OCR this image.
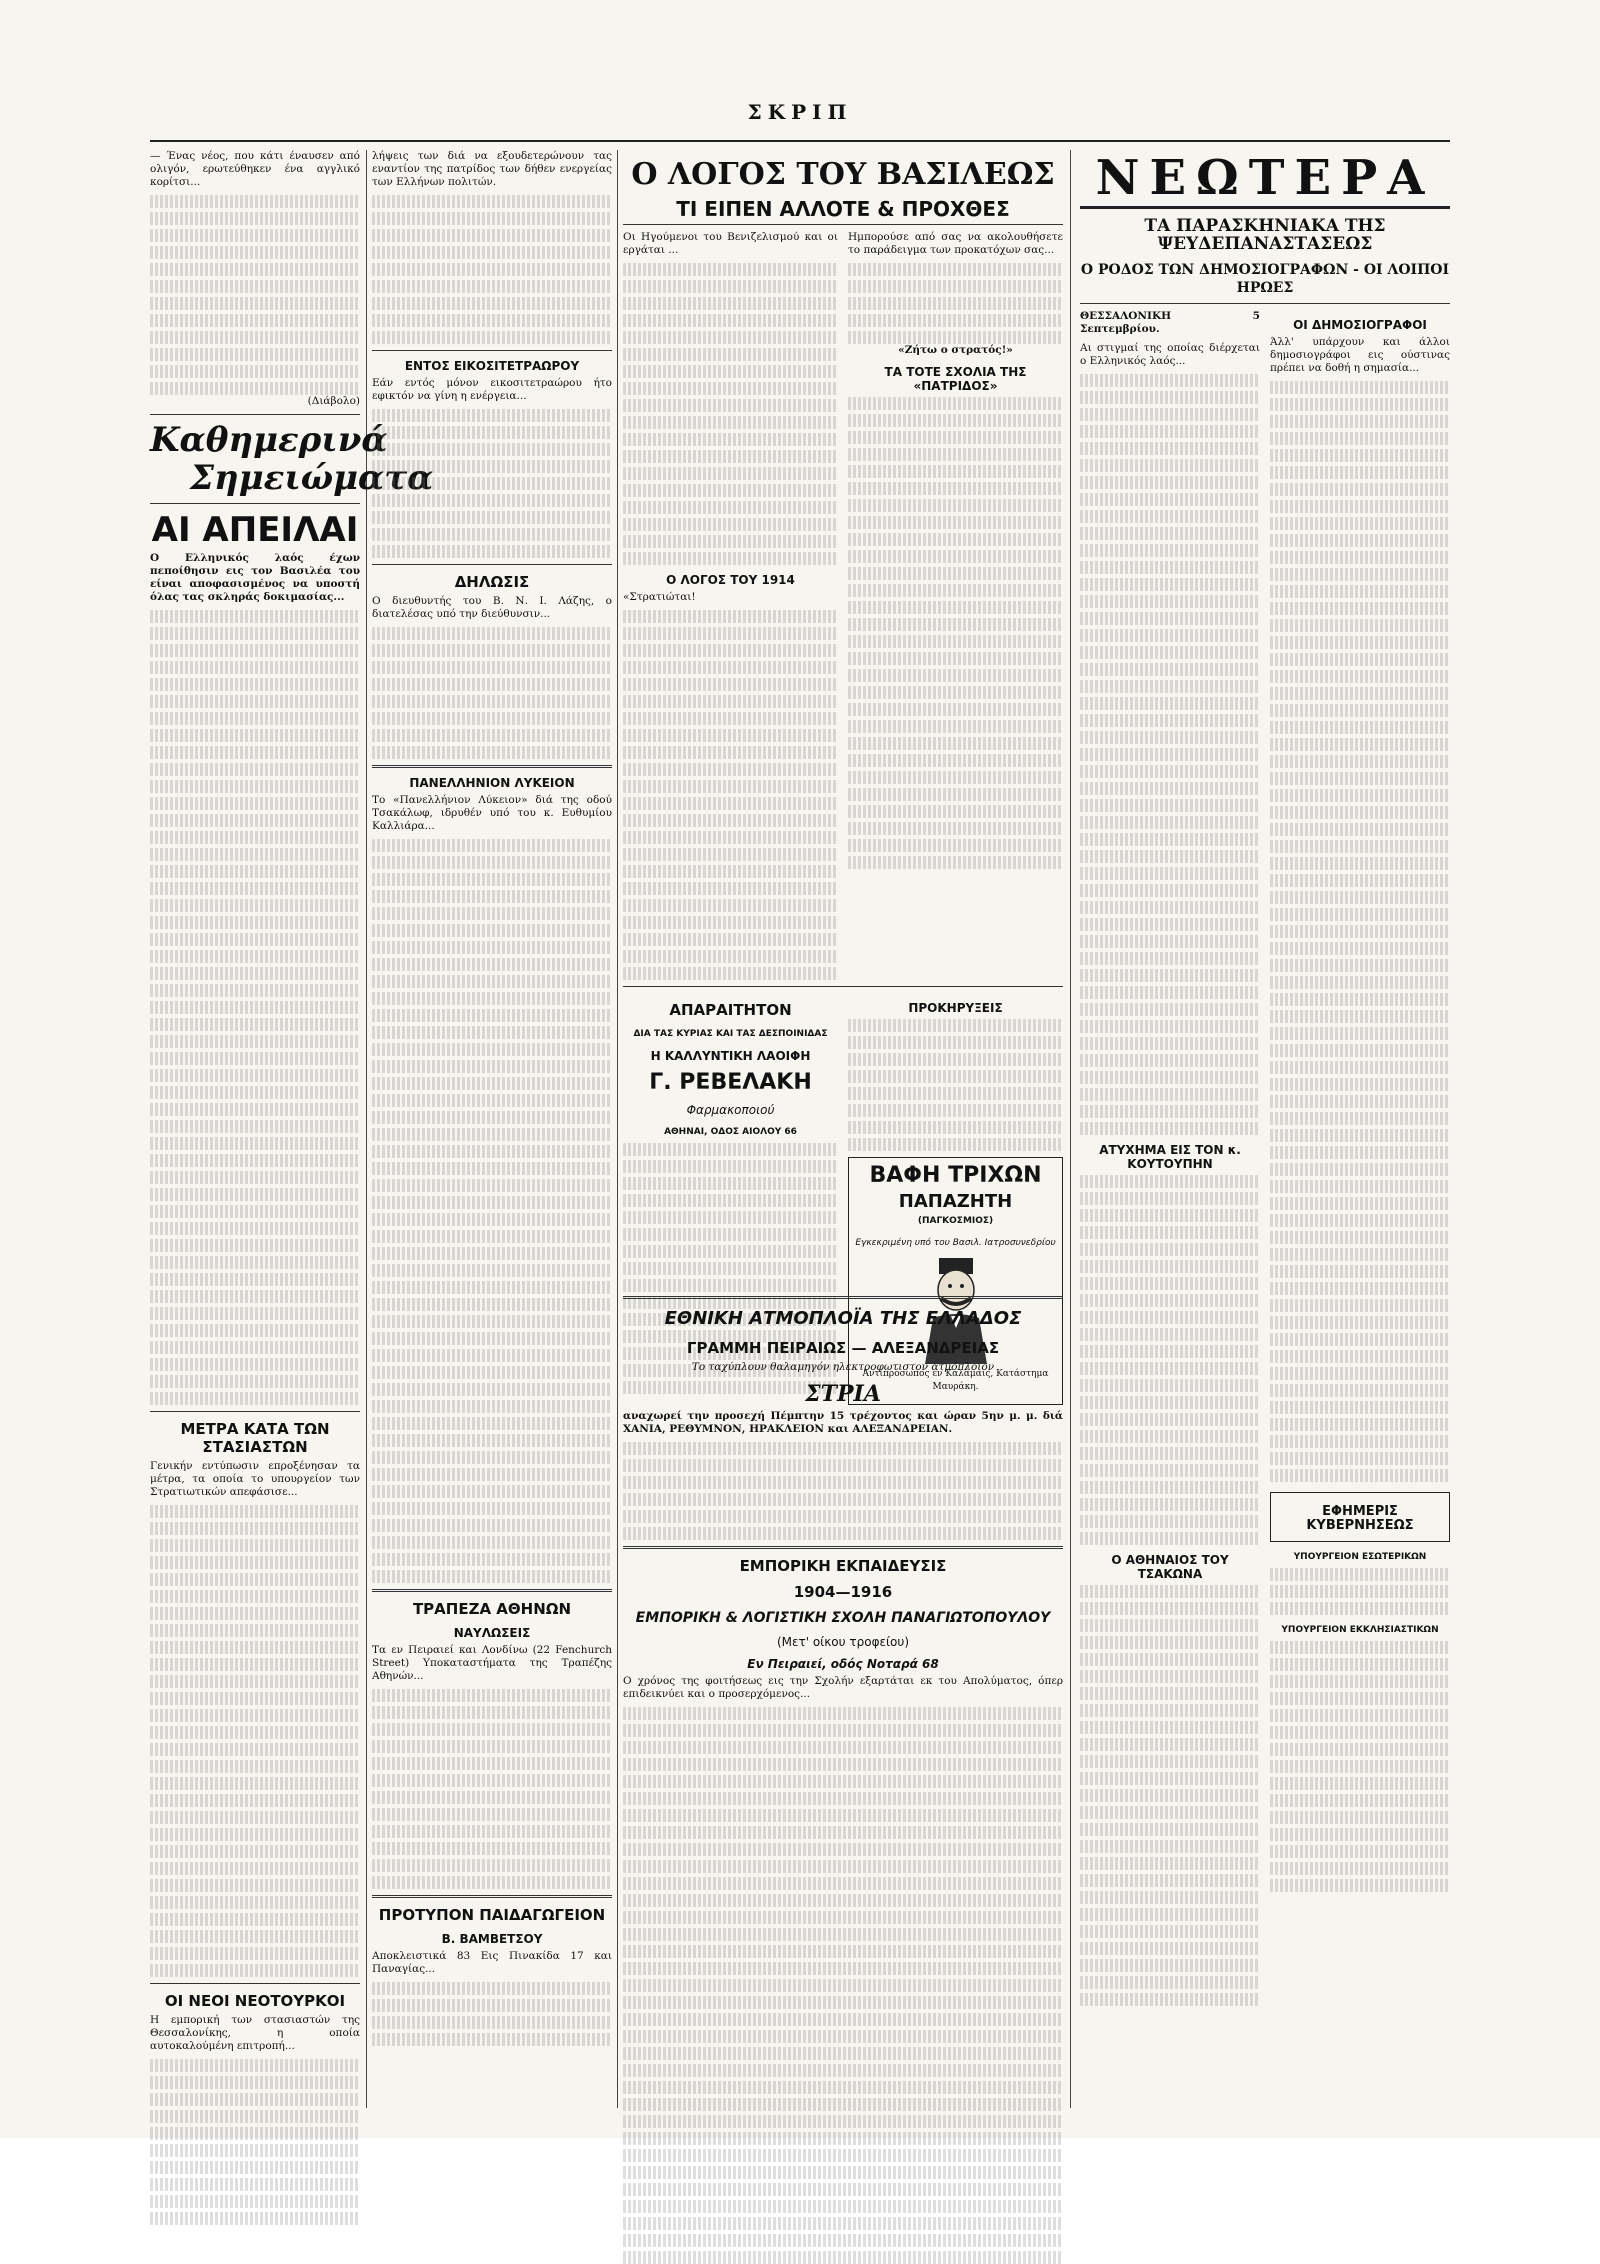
ΣΚΡΙΠ

— Ένας νέος, που κάτι έναυσεν από ολιγόν, ερωτεύθηκεν ένα αγγλικό κορίτσι...

(Διάβολο)

Καθημερινά
Σημειώματα
ΑΙ ΑΠΕΙΛΑΙ

Ο Ελληνικός λαός έχων πεποίθησιν εις τον Βασιλέα του είναι αποφασισμένος να υποστή όλας τας σκληράς δοκιμασίας...

ΜΕΤΡΑ ΚΑΤΑ ΤΩΝ ΣΤΑΣΙΑΣΤΩΝ

Γενικήν εντύπωσιν επροξένησαν τα μέτρα, τα οποία το υπουργείον των Στρατιωτικών απεφάσισε...

ΟΙ ΝΕΟΙ ΝΕΟΤΟΥΡΚΟΙ

Η εμπορική των στασιαστών της Θεσσαλονίκης, η οποία αυτοκαλούμένη επιτροπή...

λήψεις των διά να εξουδετερώνουν τας εναντίον της πατρίδος των δήθεν ενεργείας των Ελλήνων πολιτών.

ΕΝΤΟΣ ΕΙΚΟΣΙΤΕΤΡΑΩΡΟΥ

Εάν εντός μόνον εικοσιτετραώρου ήτο εφικτόν να γίνη η ενέργεια...

ΔΗΛΩΣΙΣ

Ο διευθυντής του Β. Ν. Ι. Λάζης, ο διατελέσας υπό την διεύθυνσιν...

ΠΑΝΕΛΛΗΝΙΟΝ ΛΥΚΕΙΟΝ

Το «Πανελλήνιον Λύκειον» διά της οδού Τσακάλωφ, ιδρυθέν υπό του κ. Ευθυμίου Καλλιάρα...

ΤΡΑΠΕΖΑ ΑΘΗΝΩΝ
ΝΑΥΛΩΣΕΙΣ

Τα εν Πειραιεί και Λονδίνω (22 Fenchurch Street) Υποκαταστήματα της Τραπέζης Αθηνών...

ΠΡΟΤΥΠΟΝ ΠΑΙΔΑΓΩΓΕΙΟΝ
Β. ΒΑΜΒΕΤΣΟΥ

Αποκλειστικά 83 Εις Πινακίδα 17 και Παναγίας...

Ο ΛΟΓΟΣ ΤΟΥ ΒΑΣΙΛΕΩΣ
ΤΙ ΕΙΠΕΝ ΑΛΛΟΤΕ & ΠΡΟΧΘΕΣ

Οι Ηγούμενοι του Βενιζελισμού και οι εργάται ...

Ο ΛΟΓΟΣ ΤΟΥ 1914

«Στρατιώται!

Ημπορούσε από σας να ακολουθήσετε το παράδειγμα των προκατόχων σας...

«Ζήτω ο στρατός!»

ΤΑ ΤΟΤΕ ΣΧΟΛΙΑ ΤΗΣ «ΠΑΤΡΙΔΟΣ»
ΑΠΑΡΑΙΤΗΤΟΝ
ΔΙΑ ΤΑΣ ΚΥΡΙΑΣ ΚΑΙ ΤΑΣ ΔΕΣΠΟΙΝΙΔΑΣ
Η ΚΑΛΛΥΝΤΙΚΗ ΛΑΟΙΦΗ
Γ. ΡΕΒΕΛΑΚΗ
Φαρμακοποιού
ΑΘΗΝΑΙ, ΟΔΟΣ ΑΙΟΛΟΥ 66
ΠΡΟΚΗΡΥΞΕΙΣ
ΒΑΦΗ ΤΡΙΧΩΝ
ΠΑΠΑΖΗΤΗ
(ΠΑΓΚΟΣΜΙΟΣ)
Εγκεκριμένη υπό του Βασιλ. Ιατροσυνεδρίου

Αντιπρόσωπος εν Καλάμαις, Κατάστημα Μαυράκη.

ΕΘΝΙΚΗ ΑΤΜΟΠΛΟΪΑ ΤΗΣ ΕΛΛΑΔΟΣ
ΓΡΑΜΜΗ ΠΕΙΡΑΙΩΣ — ΑΛΕΞΑΝΔΡΕΙΑΣ

Το ταχύπλουν θαλαμηγόν ηλεκτροφωτιστον ατμόπλοιον

ΣΤΡΙΑ

αναχωρεί την προσεχή Πέμπτην 15 τρέχοντος και ώραν 5ην μ. μ. διά ΧΑΝΙΑ, ΡΕΘΥΜΝΟΝ, ΗΡΑΚΛΕΙΟΝ και ΑΛΕΞΑΝΔΡΕΙΑΝ.

ΕΜΠΟΡΙΚΗ ΕΚΠΑΙΔΕΥΣΙΣ
1904—1916
ΕΜΠΟΡΙΚΗ & ΛΟΓΙΣΤΙΚΗ ΣΧΟΛΗ ΠΑΝΑΓΙΩΤΟΠΟΥΛΟΥ
(Μετ' οίκου τροφείου)
Εν Πειραιεί, οδός Νοταρά 68

Ο χρόνος της φοιτήσεως εις την Σχολήν εξαρτάται εκ του Απολύματος, όπερ επιδεικνύει και ο προσερχόμενος...

ΝΕΩΤΕΡΑ
ΤΑ ΠΑΡΑΣΚΗΝΙΑΚΑ ΤΗΣ ΨΕΥΔΕΠΑΝΑΣΤΑΣΕΩΣ
Ο ΡΟΔΟΣ ΤΩΝ ΔΗΜΟΣΙΟΓΡΑΦΩΝ - ΟΙ ΛΟΙΠΟΙ ΗΡΩΕΣ

ΘΕΣΣΑΛΟΝΙΚΗ 5 Σεπτεμβρίου.

Αι στιγμαί της οποίας διέρχεται ο Ελληνικός λαός...

ΑΤΥΧΗΜΑ ΕΙΣ ΤΟΝ κ. ΚΟΥΤΟΥΠΗΝ
Ο ΑΘΗΝΑΙΟΣ ΤΟΥ ΤΣΑΚΩΝΑ
ΟΙ ΔΗΜΟΣΙΟΓΡΑΦΟΙ

Άλλ' υπάρχουν και άλλοι δημοσιογράφοι εις ούστινας πρέπει να δοθή η σημασία...

ΕΦΗΜΕΡΙΣ ΚΥΒΕΡΝΗΣΕΩΣ
ΥΠΟΥΡΓΕΙΟΝ ΕΣΩΤΕΡΙΚΩΝ
ΥΠΟΥΡΓΕΙΟΝ ΕΚΚΛΗΣΙΑΣΤΙΚΩΝ
